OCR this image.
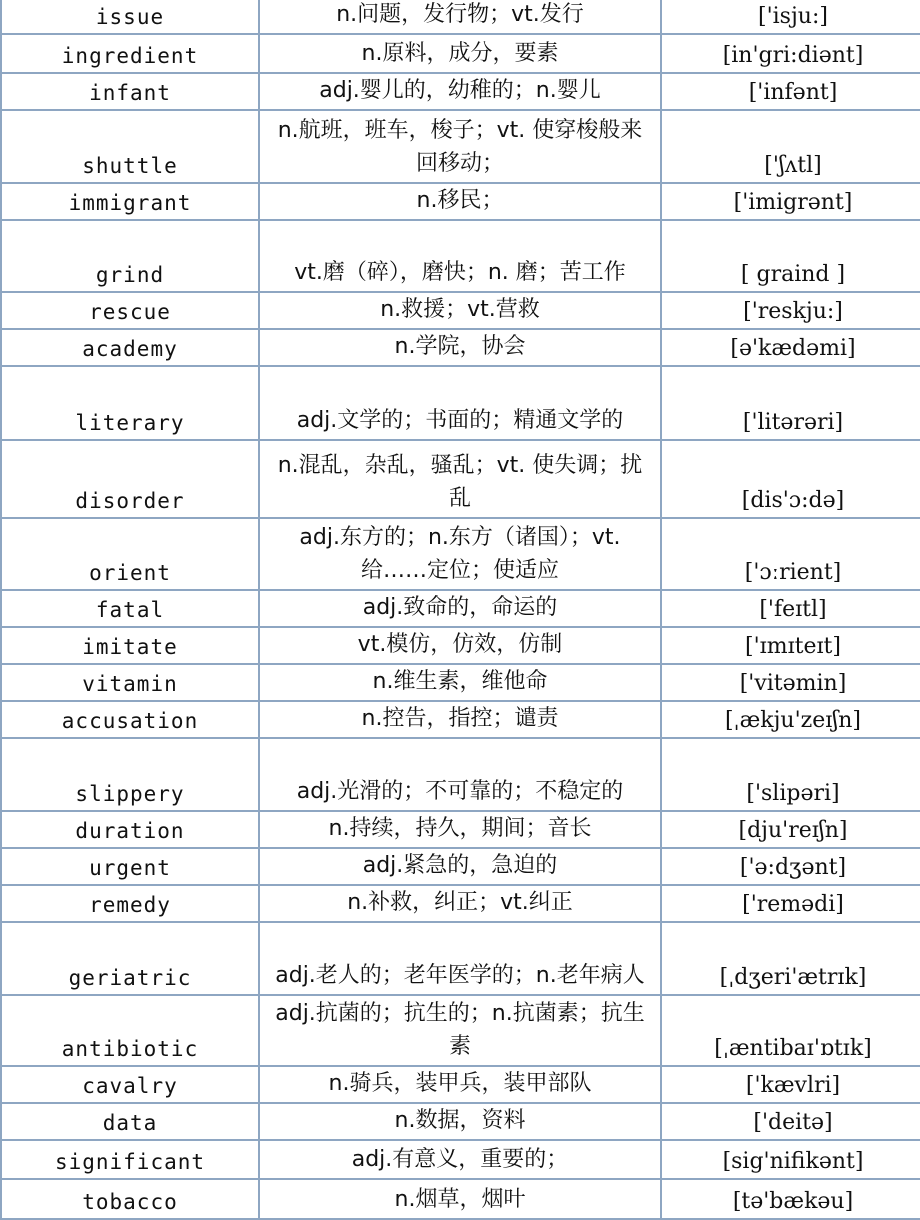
issue	n.问题，发行物；vt.发行	['isju:]
ingredient	n.原料，成分，要素	[in'gri:diənt]
infant	adj.婴儿的，幼稚的；n.婴儿	['infənt]
shuttle	n.航班，班车，梭子；vt. 使穿梭般来回移动；	['ʃʌtl]
immigrant	n.移民；	['imigrənt]
grind	vt.磨（碎），磨快；n. 磨；苦工作	[ graind ]
rescue	n.救援；vt.营救	['reskju:]
academy	n.学院，协会	[ə'kædəmi]
literary	adj.文学的；书面的；精通文学的	['litərəri]
disorder	n.混乱，杂乱，骚乱；vt. 使失调；扰乱	[dis'ɔ:də]
orient	adj.东方的；n.东方（诸国）；vt.给……定位；使适应	['ɔːrient]
fatal	adj.致命的，命运的	['feɪtl]
imitate	vt.模仿，仿效，仿制	['ɪmɪteɪt]
vitamin	n.维生素，维他命	['vitəmin]
accusation	n.控告，指控；谴责	[ˌækju'zeɪʃn]
slippery	adj.光滑的；不可靠的；不稳定的	['slipəri]
duration	n.持续，持久，期间；音长	[dju'reɪʃn]
urgent	adj.紧急的，急迫的	['ə:dʒənt]
remedy	n.补救，纠正；vt.纠正	['remədi]
geriatric	adj.老人的；老年医学的；n.老年病人	[ˌdʒeri'ætrɪk]
antibiotic	adj.抗菌的；抗生的；n.抗菌素；抗生素	[ˌæntibaɪ'ɒtɪk]
cavalry	n.骑兵，装甲兵，装甲部队	['kævlri]
data	n.数据，资料	['deitə]
significant	adj.有意义，重要的；	[sig'nifikənt]
tobacco	n.烟草，烟叶	[tə'bækəu]
